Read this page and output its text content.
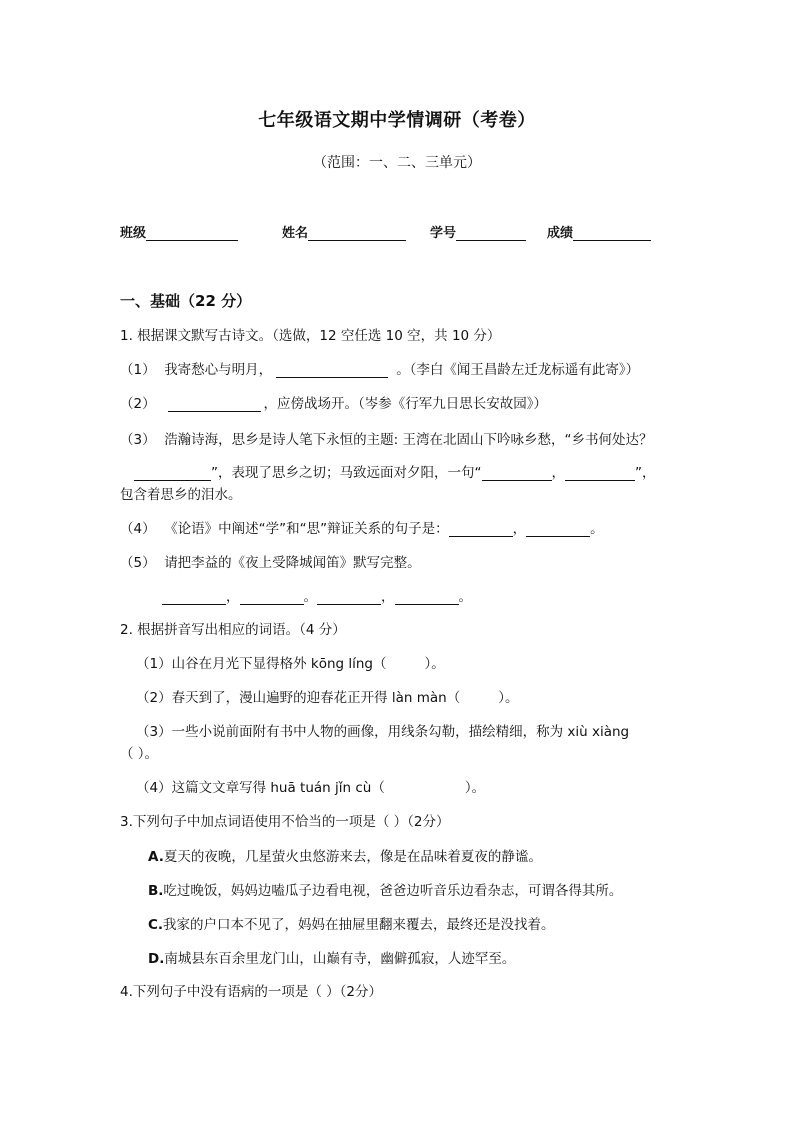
七年级语文期中学情调研（考卷）
（范围：一、二、三单元）
班级	姓名	学号	成绩
一、基础（22 分）
1. 根据课文默写古诗文。（选做，12 空任选 10 空，共 10 分）
（1） 我寄愁心与明月，	。（李白《闻王昌龄左迁龙标遥有此寄》）
（2）	，应傍战场开。（岑参《行军九日思长安故园》）
（3） 浩瀚诗海，思乡是诗人笔下永恒的主题: 王湾在北固山下吟咏乡愁，“乡书何处达？
”，表现了思乡之切；马致远面对夕阳，一句“	，	”，
包含着思乡的泪水。
（4） 《论语》中阐述“学”和“思”辩证关系的句子是：	，	。
（5） 请把李益的《夜上受降城闻笛》默写完整。
，	。	，	。
2. 根据拼音写出相应的词语。（4 分）
（1）山谷在月光下显得格外 kōng líng（	）。
（2）春天到了，漫山遍野的迎春花正开得 làn màn（	）。
（3）一些小说前面附有书中人物的画像，用线条勾勒，描绘精细，称为 xiù xiàng
（ ）。
（4）这篇文文章写得 huā tuán jǐn cù（	）。
3.下列句子中加点词语使用不恰当的一项是（ ）（2分）
A.夏天的夜晚，几星萤火虫悠游来去，像是在品味着夏夜的静谧。
B.吃过晚饭，妈妈边嗑瓜子边看电视，爸爸边听音乐边看杂志，可谓各得其所。
C.我家的户口本不见了，妈妈在抽屉里翻来覆去，最终还是没找着。
D.南城县东百余里龙门山，山巅有寺，幽僻孤寂，人迹罕至。
4.下列句子中没有语病的一项是（ ）（2分）
